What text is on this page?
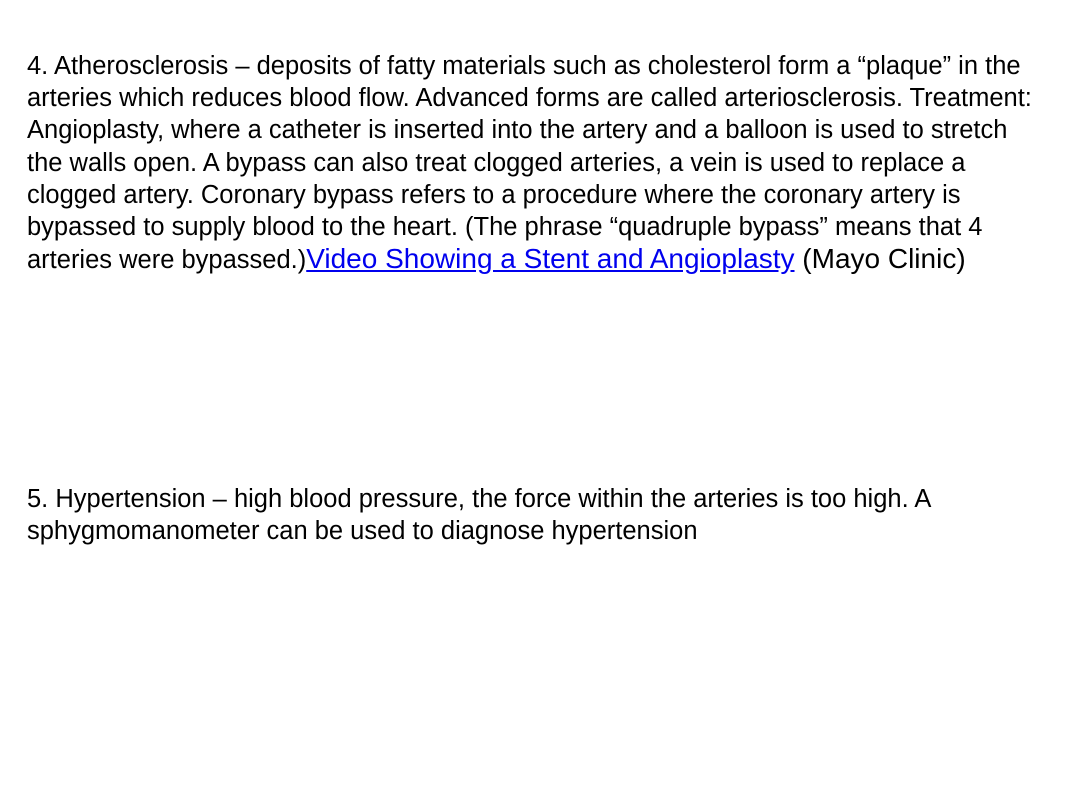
4. Atherosclerosis – deposits of fatty materials such as cholesterol form a “plaque” in the arteries which reduces blood flow. Advanced forms are called arteriosclerosis. Treatment: Angioplasty, where a catheter is inserted into the artery and a balloon is used to stretch the walls open. A bypass can also treat clogged arteries, a vein is used to replace a clogged artery. Coronary bypass refers to a procedure where the coronary artery is bypassed to supply blood to the heart. (The phrase “quadruple bypass” means that 4 arteries were bypassed.)Video Showing a Stent and Angioplasty (Mayo Clinic)

5. Hypertension – high blood pressure, the force within the arteries is too high. A sphygmomanometer can be used to diagnose hypertension
